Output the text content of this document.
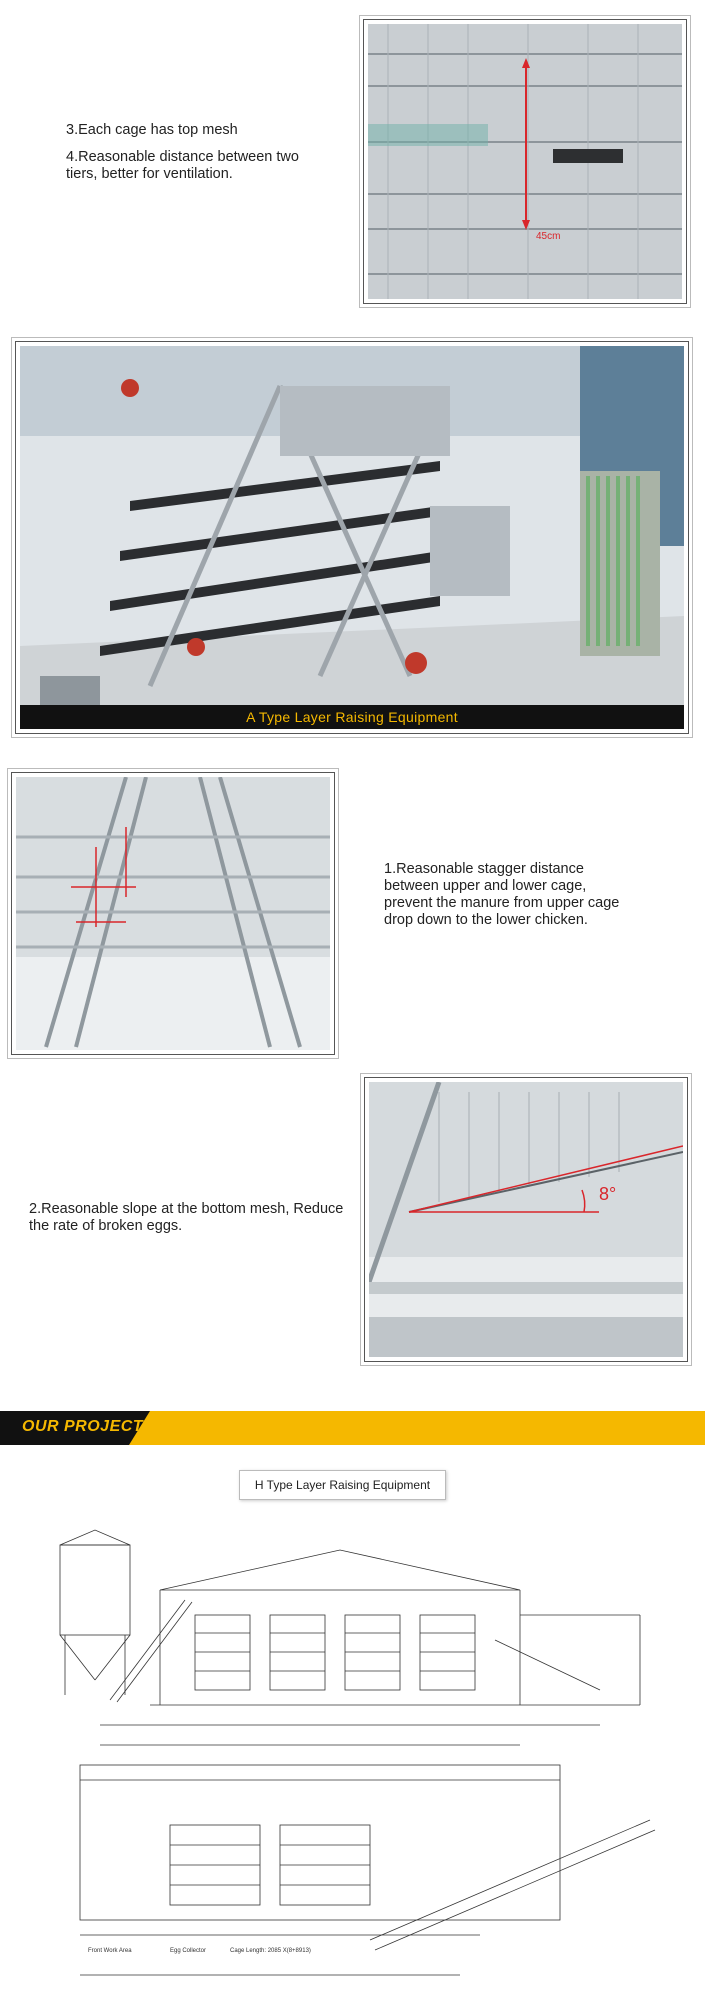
3.Each cage has top mesh

4.Reasonable distance between two tiers, better for ventilation.

45cm
A Type Layer Raising Equipment

1.Reasonable stagger distance between upper and lower cage, prevent the manure from upper cage drop down to the lower chicken.

2.Reasonable slope at the bottom mesh, Reduce the rate of broken eggs.

8°
OUR PROJECT
H Type Layer Raising Equipment
Front Work Area	Egg Collector	Cage Length: 2085 X(8+8913)
